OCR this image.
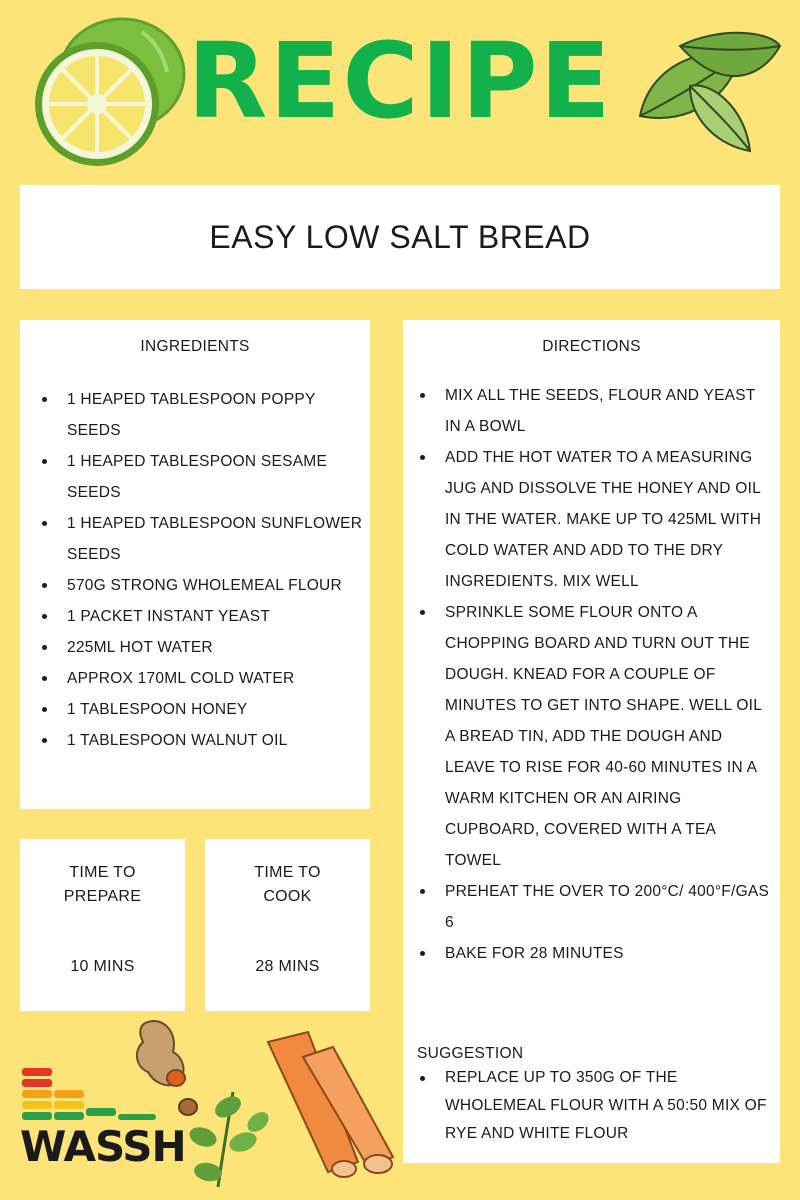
RECIPE
EASY LOW SALT BREAD
INGREDIENTS
1 HEAPED TABLESPOON POPPY SEEDS
1 HEAPED TABLESPOON SESAME SEEDS
1 HEAPED TABLESPOON SUNFLOWER SEEDS
570G STRONG WHOLEMEAL FLOUR
1 PACKET INSTANT YEAST
225ML HOT WATER
APPROX 170ML COLD WATER
1 TABLESPOON HONEY
1 TABLESPOON WALNUT OIL
DIRECTIONS
MIX ALL THE SEEDS, FLOUR AND YEAST IN A BOWL
ADD THE HOT WATER TO A MEASURING JUG AND DISSOLVE THE HONEY AND OIL IN THE WATER. MAKE UP TO 425ML WITH COLD WATER AND ADD TO THE DRY INGREDIENTS. MIX WELL
SPRINKLE SOME FLOUR ONTO A CHOPPING BOARD AND TURN OUT THE DOUGH. KNEAD FOR A COUPLE OF MINUTES TO GET INTO SHAPE. WELL OIL A BREAD TIN, ADD THE DOUGH AND LEAVE TO RISE FOR 40-60 MINUTES IN A WARM KITCHEN OR AN AIRING CUPBOARD, COVERED WITH A TEA TOWEL
PREHEAT THE OVER TO 200°C/ 400°F/GAS 6
BAKE FOR 28 MINUTES
SUGGESTION
REPLACE UP TO 350G OF THE WHOLEMEAL FLOUR WITH A 50:50 MIX OF RYE AND WHITE FLOUR
TIME TO
PREPARE
10 MINS
TIME TO
COOK
28 MINS
WASSH
